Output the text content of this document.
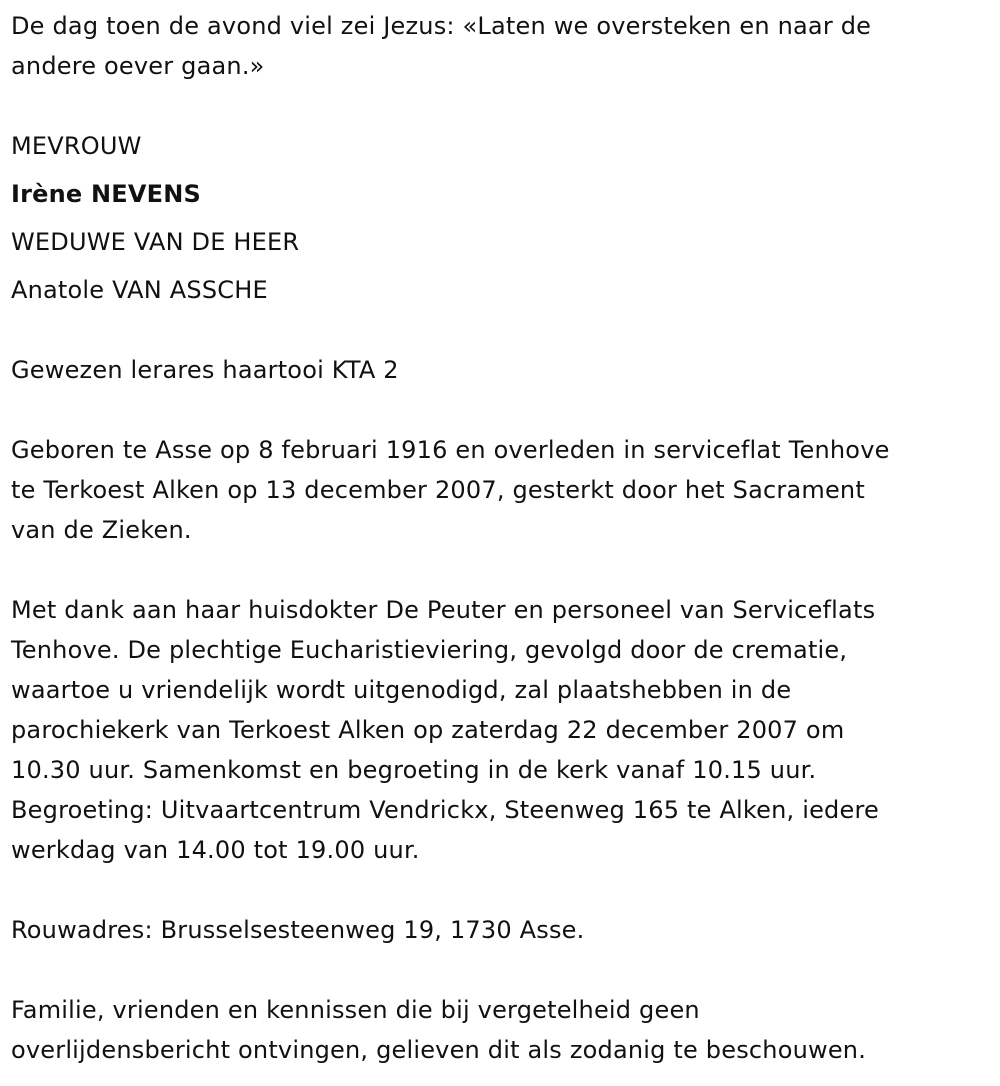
De dag toen de avond viel zei Jezus: «Laten we oversteken en naar de
andere oever gaan.»
MEVROUW
Irène NEVENS
WEDUWE VAN DE HEER
Anatole VAN ASSCHE
Gewezen lerares haartooi KTA 2
Geboren te Asse op 8 februari 1916 en overleden in serviceflat Tenhove
te Terkoest Alken op 13 december 2007, gesterkt door het Sacrament
van de Zieken.
Met dank aan haar huisdokter De Peuter en personeel van Serviceflats
Tenhove. De plechtige Eucharistieviering, gevolgd door de crematie,
waartoe u vriendelijk wordt uitgenodigd, zal plaatshebben in de
parochiekerk van Terkoest Alken op zaterdag 22 december 2007 om
10.30 uur. Samenkomst en begroeting in de kerk vanaf 10.15 uur.
Begroeting: Uitvaartcentrum Vendrickx, Steenweg 165 te Alken, iedere
werkdag van 14.00 tot 19.00 uur.
Rouwadres: Brusselsesteenweg 19, 1730 Asse.
Familie, vrienden en kennissen die bij vergetelheid geen
overlijdensbericht ontvingen, gelieven dit als zodanig te beschouwen.
